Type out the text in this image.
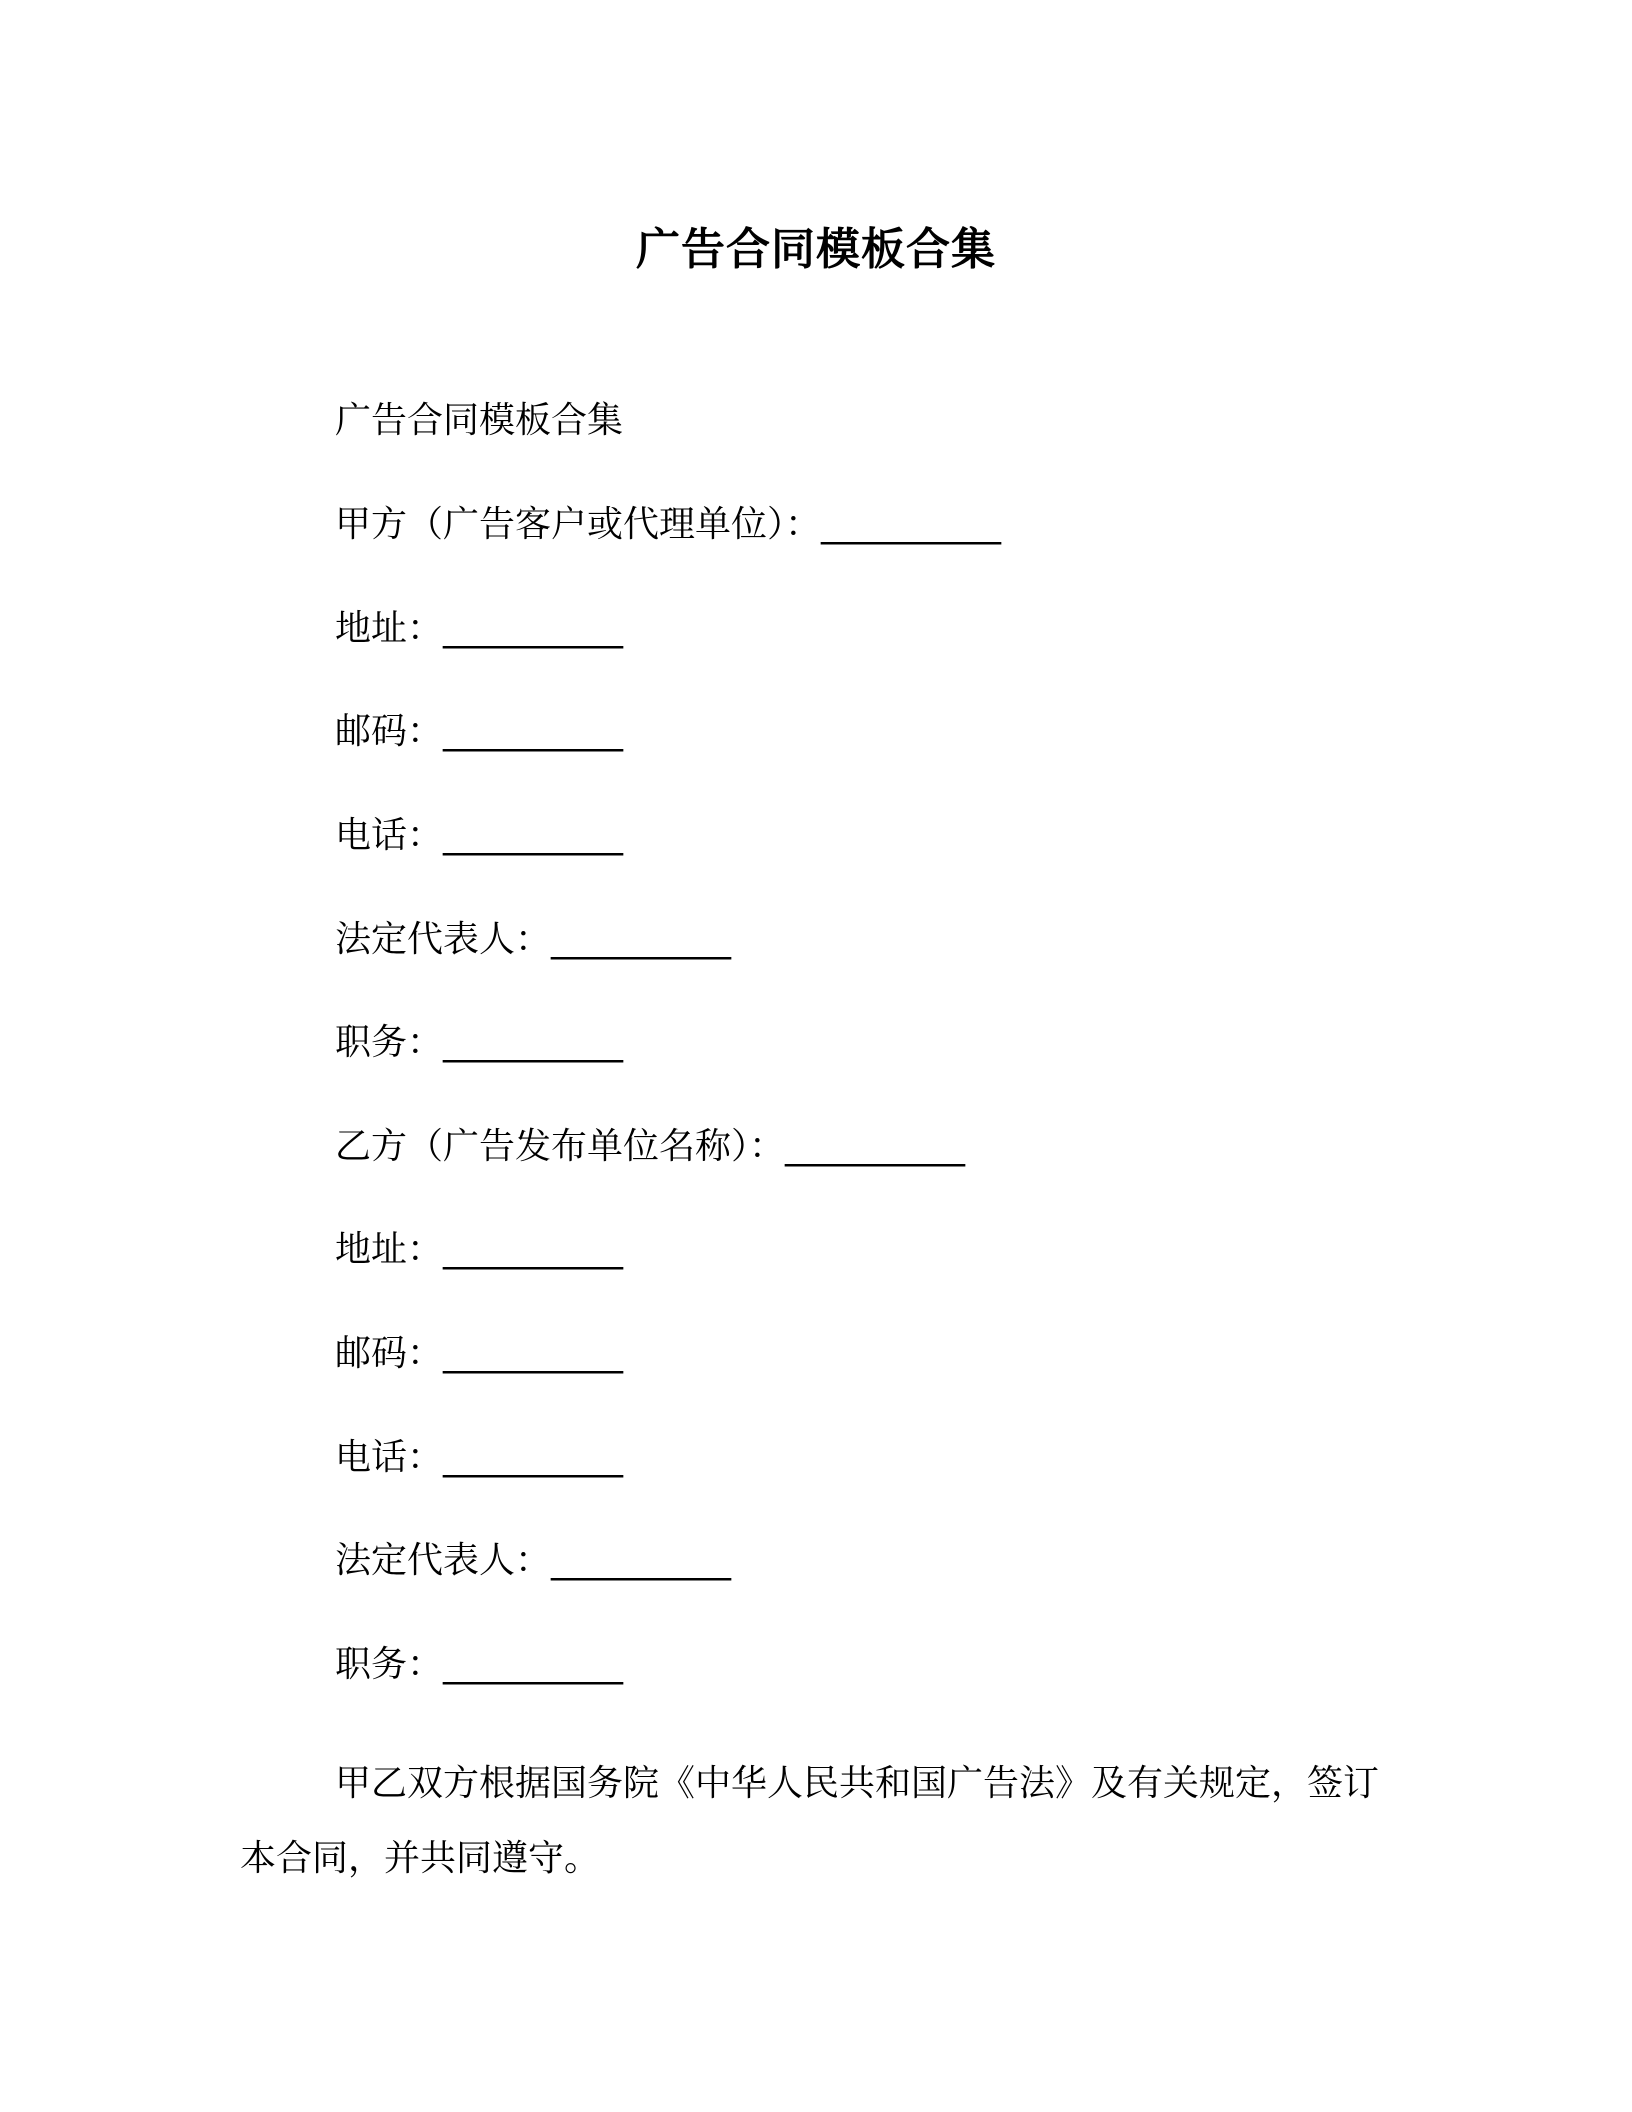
广告合同模板合集
广告合同模板合集
甲方（广告客户或代理单位）：__________
地址：__________
邮码：__________
电话：__________
法定代表人：__________
职务：__________
乙方（广告发布单位名称）：__________
地址：__________
邮码：__________
电话：__________
法定代表人：__________
职务：__________
甲乙双方根据国务院《中华人民共和国广告法》及有关规定，签订本合同，并共同遵守。
